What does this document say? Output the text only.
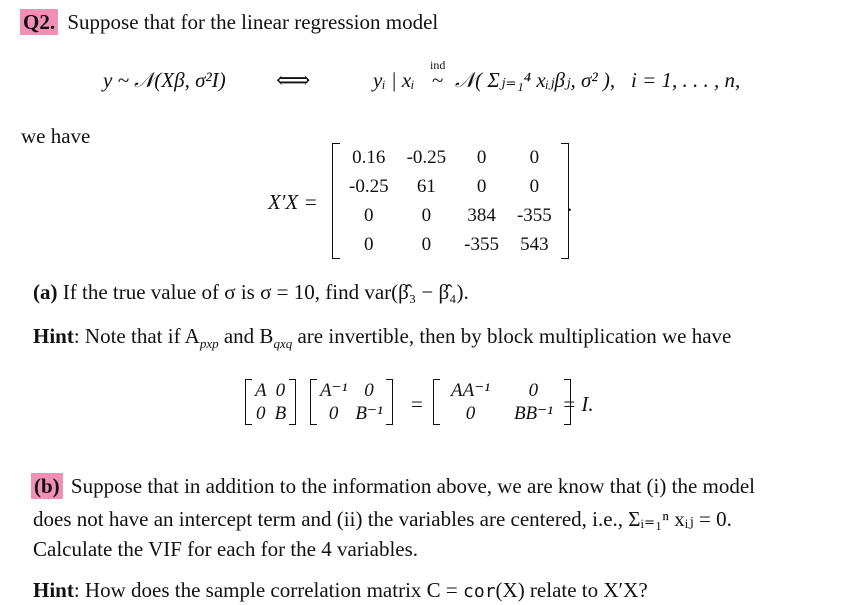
Q2. Suppose that for the linear regression model
y ~ 𝒩(Xβ, σ²I) ⟺	yᵢ | xᵢ
ind
~ 𝒩( Σⱼ₌₁⁴ xᵢⱼβⱼ, σ² ), i = 1, . . . , n,
we have
X′X =
0.16	-0.25	0	0
-0.25	61	0	0
0	0	384	-355
0	0	-355	543
.
(a) If the true value of σ is σ = 10, find var(β̂₃ − β̂₄).
Hint: Note that if $A_{pxp}$ and $B_{qxq}$ are invertible, then by block multiplication we have
A	0
0	B
A⁻¹	0
0	B⁻¹ =
AA⁻¹	0
0	BB⁻¹ = I.
(b) Suppose that in addition to the information above, we are know that (i) the model
does not have an intercept term and (ii) the variables are centered, i.e., Σᵢ₌₁ⁿ xᵢⱼ = 0.
Calculate the VIF for each for the 4 variables.
Hint: How does the sample correlation matrix C = cor(X) relate to X′X?
